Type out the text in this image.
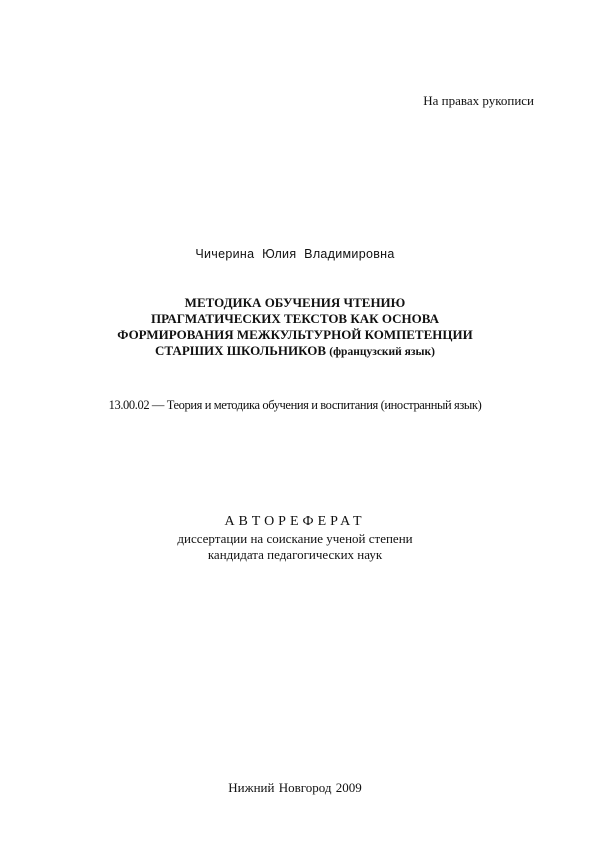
На правах рукописи
Чичерина Юлия Владимировна
МЕТОДИКА ОБУЧЕНИЯ ЧТЕНИЮ
ПРАГМАТИЧЕСКИХ ТЕКСТОВ КАК ОСНОВА
ФОРМИРОВАНИЯ МЕЖКУЛЬТУРНОЙ КОМПЕТЕНЦИИ
СТАРШИХ ШКОЛЬНИКОВ (французский язык)
13.00.02 — Теория и методика обучения и воспитания (иностранный язык)
АВТОРЕФЕРАТ
диссертации на соискание ученой степени
кандидата педагогических наук
Нижний Новгород 2009
